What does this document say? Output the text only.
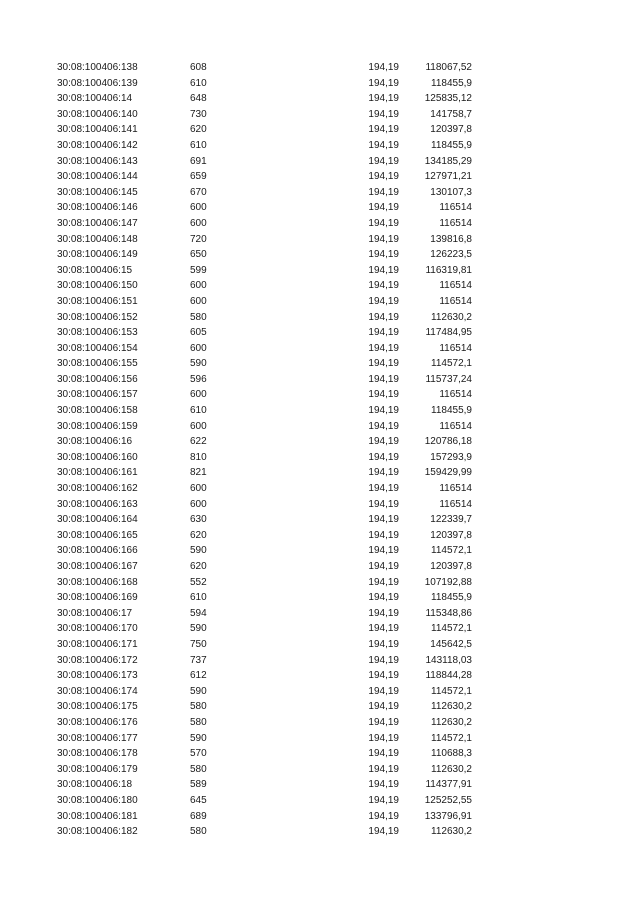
30:08:100406:138	608	194,19	118067,52
30:08:100406:139	610	194,19	118455,9
30:08:100406:14	648	194,19	125835,12
30:08:100406:140	730	194,19	141758,7
30:08:100406:141	620	194,19	120397,8
30:08:100406:142	610	194,19	118455,9
30:08:100406:143	691	194,19	134185,29
30:08:100406:144	659	194,19	127971,21
30:08:100406:145	670	194,19	130107,3
30:08:100406:146	600	194,19	116514
30:08:100406:147	600	194,19	116514
30:08:100406:148	720	194,19	139816,8
30:08:100406:149	650	194,19	126223,5
30:08:100406:15	599	194,19	116319,81
30:08:100406:150	600	194,19	116514
30:08:100406:151	600	194,19	116514
30:08:100406:152	580	194,19	112630,2
30:08:100406:153	605	194,19	117484,95
30:08:100406:154	600	194,19	116514
30:08:100406:155	590	194,19	114572,1
30:08:100406:156	596	194,19	115737,24
30:08:100406:157	600	194,19	116514
30:08:100406:158	610	194,19	118455,9
30:08:100406:159	600	194,19	116514
30:08:100406:16	622	194,19	120786,18
30:08:100406:160	810	194,19	157293,9
30:08:100406:161	821	194,19	159429,99
30:08:100406:162	600	194,19	116514
30:08:100406:163	600	194,19	116514
30:08:100406:164	630	194,19	122339,7
30:08:100406:165	620	194,19	120397,8
30:08:100406:166	590	194,19	114572,1
30:08:100406:167	620	194,19	120397,8
30:08:100406:168	552	194,19	107192,88
30:08:100406:169	610	194,19	118455,9
30:08:100406:17	594	194,19	115348,86
30:08:100406:170	590	194,19	114572,1
30:08:100406:171	750	194,19	145642,5
30:08:100406:172	737	194,19	143118,03
30:08:100406:173	612	194,19	118844,28
30:08:100406:174	590	194,19	114572,1
30:08:100406:175	580	194,19	112630,2
30:08:100406:176	580	194,19	112630,2
30:08:100406:177	590	194,19	114572,1
30:08:100406:178	570	194,19	110688,3
30:08:100406:179	580	194,19	112630,2
30:08:100406:18	589	194,19	114377,91
30:08:100406:180	645	194,19	125252,55
30:08:100406:181	689	194,19	133796,91
30:08:100406:182	580	194,19	112630,2
